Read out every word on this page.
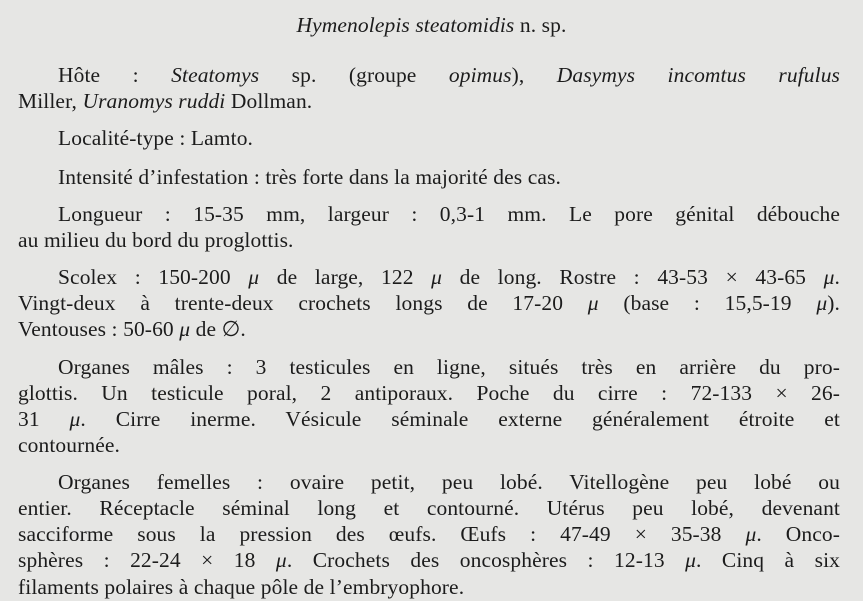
Hymenolepis steatomidis n. sp.
Hôte : Steatomys sp. (groupe opimus), Dasymys incomtus rufulus
Miller, Uranomys ruddi Dollman.
Localité-type : Lamto.
Intensité d’infestation : très forte dans la majorité des cas.
Longueur : 15-35 mm, largeur : 0,3-1 mm. Le pore génital débouche
au milieu du bord du proglottis.
Scolex : 150-200 μ de large, 122 μ de long. Rostre : 43-53 × 43-65 μ.
Vingt-deux à trente-deux crochets longs de 17-20 μ (base : 15,5-19 μ).
Ventouses : 50-60 μ de ∅.
Organes mâles : 3 testicules en ligne, situés très en arrière du pro-
glottis. Un testicule poral, 2 antiporaux. Poche du cirre : 72-133 × 26-
31 μ. Cirre inerme. Vésicule séminale externe généralement étroite et
contournée.
Organes femelles : ovaire petit, peu lobé. Vitellogène peu lobé ou
entier. Réceptacle séminal long et contourné. Utérus peu lobé, devenant
sacciforme sous la pression des œufs. Œufs : 47-49 × 35-38 μ. Onco-
sphères : 22-24 × 18 μ. Crochets des oncosphères : 12-13 μ. Cinq à six
filaments polaires à chaque pôle de l’embryophore.
